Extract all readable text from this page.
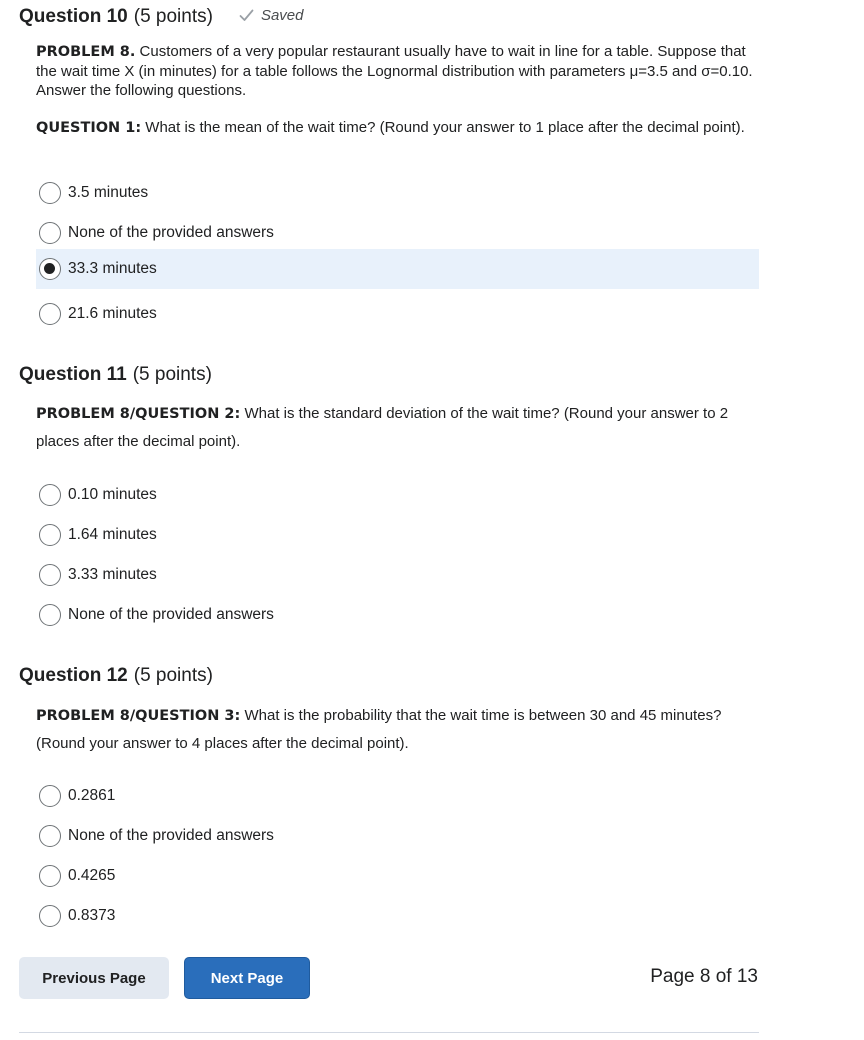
Question 10 (5 points)	Saved

PROBLEM 8. Customers of a very popular restaurant usually have to wait in line for a table. Suppose that the wait time X (in minutes) for a table follows the Lognormal distribution with parameters μ=3.5 and σ=0.10. Answer the following questions.

QUESTION 1: What is the mean of the wait time? (Round your answer to 1 place after the decimal point).

3.5 minutes
None of the provided answers
33.3 minutes
21.6 minutes
Question 11 (5 points)

PROBLEM 8/QUESTION 2: What is the standard deviation of the wait time? (Round your answer to 2 places after the decimal point).

0.10 minutes
1.64 minutes
3.33 minutes
None of the provided answers
Question 12 (5 points)

PROBLEM 8/QUESTION 3: What is the probability that the wait time is between 30 and 45 minutes? (Round your answer to 4 places after the decimal point).

0.2861
None of the provided answers
0.4265
0.8373
Previous Page	Next Page	Page 8 of 13
